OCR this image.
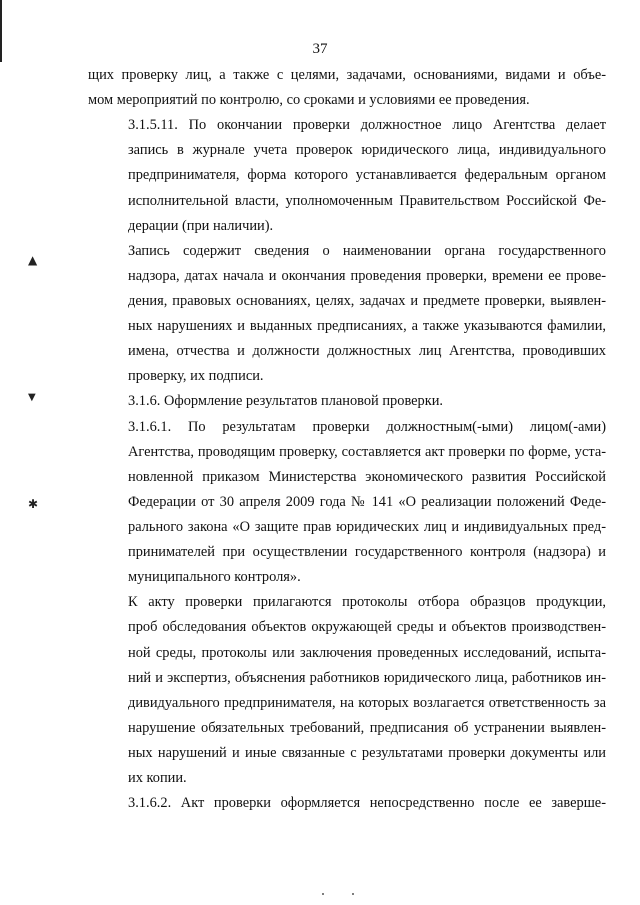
▲
▼
✱
37

щих проверку лиц, а также с целями, задачами, основаниями, видами и объе-
мом мероприятий по контролю, со сроками и условиями ее проведения.

3.1.5.11. По окончании проверки должностное лицо Агентства делает
запись в журнале учета проверок юридического лица, индивидуального
предпринимателя, форма которого устанавливается федеральным органом
исполнительной власти, уполномоченным Правительством Российской Фе-
дерации (при наличии).

Запись содержит сведения о наименовании органа государственного
надзора, датах начала и окончания проведения проверки, времени ее прове-
дения, правовых основаниях, целях, задачах и предмете проверки, выявлен-
ных нарушениях и выданных предписаниях, а также указываются фамилии,
имена, отчества и должности должностных лиц Агентства, проводивших
проверку, их подписи.

3.1.6. Оформление результатов плановой проверки.

3.1.6.1. По результатам проверки должностным(-ыми) лицом(-ами)
Агентства, проводящим проверку, составляется акт проверки по форме, уста-
новленной приказом Министерства экономического развития Российской
Федерации от 30 апреля 2009 года № 141 «О реализации положений Феде-
рального закона «О защите прав юридических лиц и индивидуальных пред-
принимателей при осуществлении государственного контроля (надзора) и
муниципального контроля».

К акту проверки прилагаются протоколы отбора образцов продукции,
проб обследования объектов окружающей среды и объектов производствен-
ной среды, протоколы или заключения проведенных исследований, испыта-
ний и экспертиз, объяснения работников юридического лица, работников ин-
дивидуального предпринимателя, на которых возлагается ответственность за
нарушение обязательных требований, предписания об устранении выявлен-
ных нарушений и иные связанные с результатами проверки документы или
их копии.

3.1.6.2. Акт проверки оформляется непосредственно после ее заверше-
